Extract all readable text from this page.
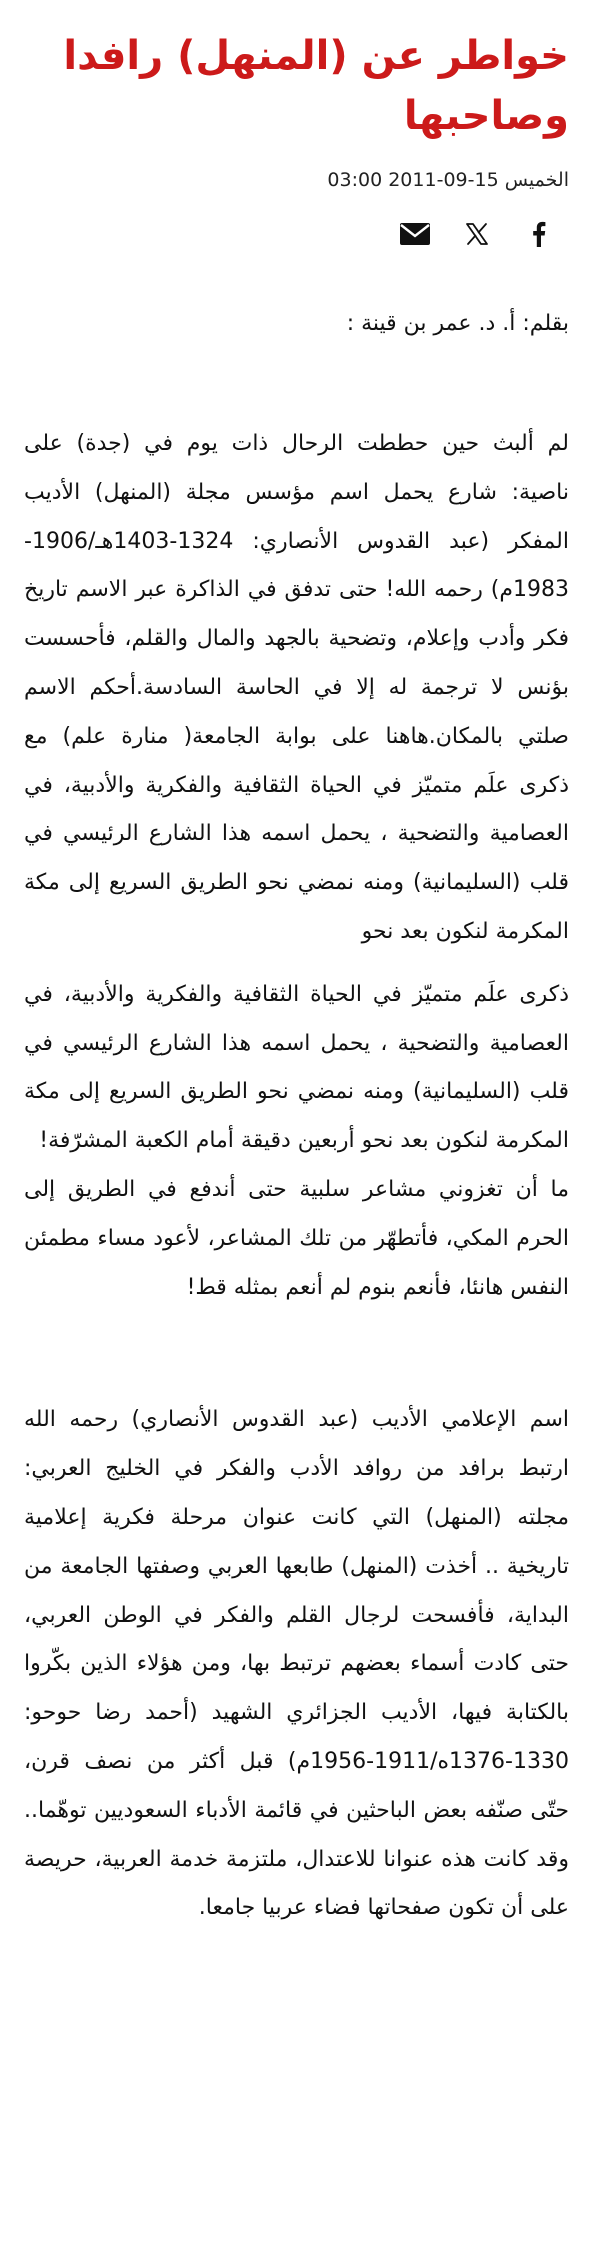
خواطر عن (المنهل) رافدا وصاحبها
الخميس 15-09-2011 03:00
بقلم: أ. د. عمر بن قينة :

لم ألبث حين حططت الرحال ذات يوم في (جدة) على ناصية: شارع يحمل اسم مؤسس مجلة (المنهل) الأديب المفكر (عبد القدوس الأنصاري: 1324-1403هـ/1906-1983م) رحمه الله! حتى تدفق في الذاكرة عبر الاسم تاريخ فكر وأدب وإعلام، وتضحية بالجهد والمال والقلم، فأحسست بؤنس لا ترجمة له إلا في الحاسة السادسة.أحكم الاسم صلتي بالمكان.هاهنا على بوابة الجامعة( منارة علم) مع ذكرى علَم متميّز في الحياة الثقافية والفكرية والأدبية، في العصامية والتضحية ، يحمل اسمه هذا الشارع الرئيسي في قلب (السليمانية) ومنه نمضي نحو الطريق السريع إلى مكة المكرمة لنكون بعد نحو

ذكرى علَم متميّز في الحياة الثقافية والفكرية والأدبية، في العصامية والتضحية ، يحمل اسمه هذا الشارع الرئيسي في قلب (السليمانية) ومنه نمضي نحو الطريق السريع إلى مكة المكرمة لنكون بعد نحو أربعين دقيقة أمام الكعبة المشرّفة!

ما أن تغزوني مشاعر سلبية حتى أندفع في الطريق إلى الحرم المكي، فأتطهّر من تلك المشاعر، لأعود مساء مطمئن النفس هانئا، فأنعم بنوم لم أنعم بمثله قط!

اسم الإعلامي الأديب (عبد القدوس الأنصاري) رحمه الله ارتبط برافد من روافد الأدب والفكر في الخليج العربي: مجلته (المنهل) التي كانت عنوان مرحلة فكرية إعلامية تاريخية .. أخذت (المنهل) طابعها العربي وصفتها الجامعة من البداية، فأفسحت لرجال القلم والفكر في الوطن العربي، حتى كادت أسماء بعضهم ترتبط بها، ومن هؤلاء الذين بكّروا بالكتابة فيها، الأديب الجزائري الشهيد (أحمد رضا حوحو: 1330-1376ه/1911-1956م) قبل أكثر من نصف قرن، حتّى صنّفه بعض الباحثين في قائمة الأدباء السعوديين توهّما.. وقد كانت هذه عنوانا للاعتدال، ملتزمة خدمة العربية، حريصة على أن تكون صفحاتها فضاء عربيا جامعا.
